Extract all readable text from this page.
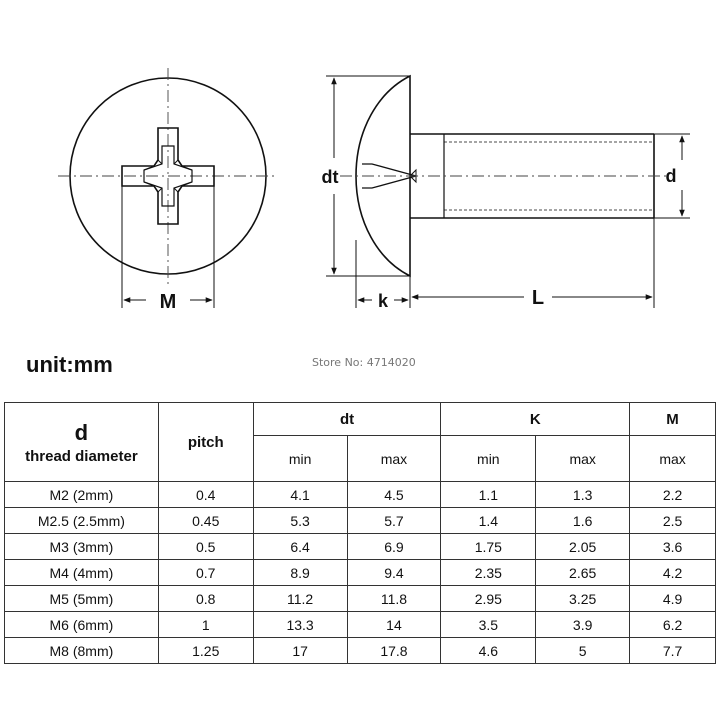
M
dt
k	L
d
unit:mm	Store No: 4714020
d
thread diameter	pitch	dt		K		M
		min	max	min	max	max
M2 (2mm)	0.4	4.1	4.5	1.1	1.3	2.2
M2.5 (2.5mm)	0.45	5.3	5.7	1.4	1.6	2.5
M3 (3mm)	0.5	6.4	6.9	1.75	2.05	3.6
M4 (4mm)	0.7	8.9	9.4	2.35	2.65	4.2
M5 (5mm)	0.8	11.2	11.8	2.95	3.25	4.9
M6 (6mm)	1	13.3	14	3.5	3.9	6.2
M8 (8mm)	1.25	17	17.8	4.6	5	7.7
